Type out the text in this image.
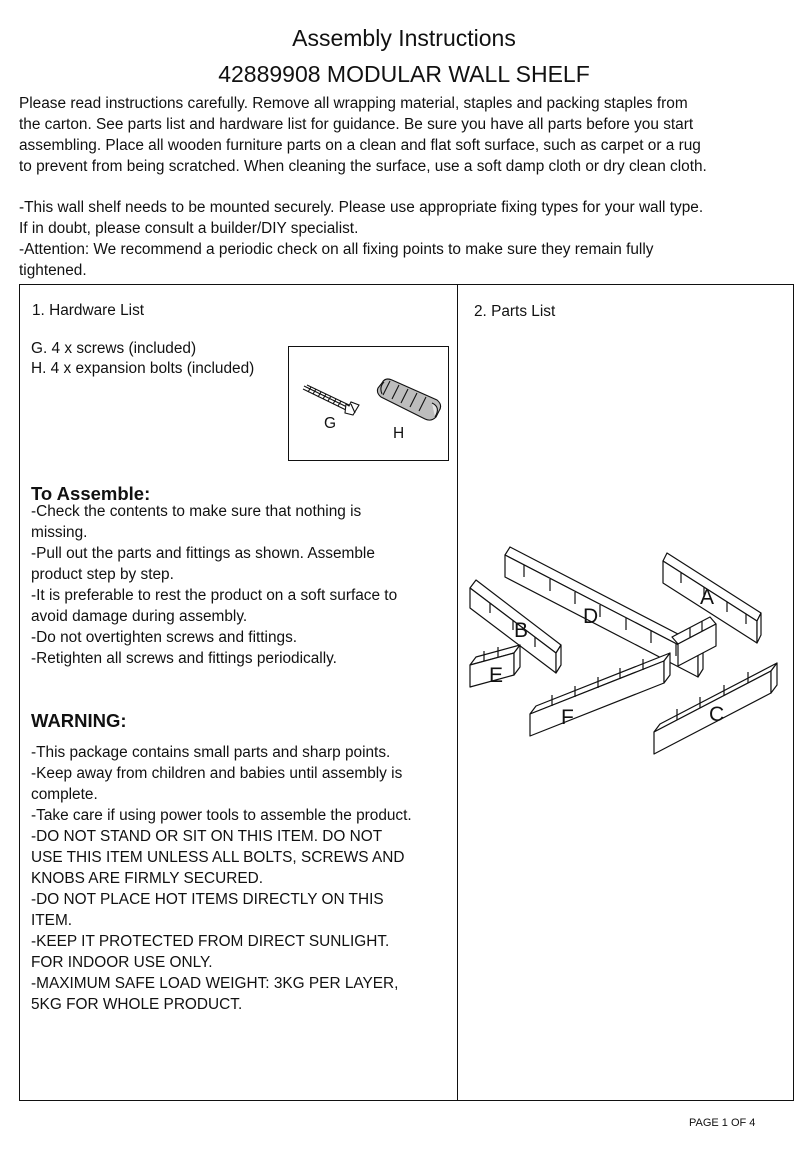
Assembly Instructions
42889908 MODULAR WALL SHELF

Please read instructions carefully. Remove all wrapping material, staples and packing staples from

the carton. See parts list and hardware list for guidance. Be sure you have all parts before you start

assembling. Place all wooden furniture parts on a clean and flat soft surface, such as carpet or a rug

to prevent from being scratched. When cleaning the surface, use a soft damp cloth or dry clean cloth.

-This wall shelf needs to be mounted securely. Please use appropriate fixing types for your wall type.

If in doubt, please consult a builder/DIY specialist.

-Attention: We recommend a periodic check on all fixing points to make sure they remain fully

tightened.

1. Hardware List	2. Parts List
G. 4 x screws (included)
H. 4 x expansion bolts (included)
G
H
To Assemble:
-Check the contents to make sure that nothing is
missing.
-Pull out the parts and fittings as shown. Assemble
product step by step.
-It is preferable to rest the product on a soft surface to
avoid damage during assembly.
-Do not overtighten screws and fittings.
-Retighten all screws and fittings periodically.
WARNING:
-This package contains small parts and sharp points.
-Keep away from children and babies until assembly is
complete.
-Take care if using power tools to assemble the product.
-DO NOT STAND OR SIT ON THIS ITEM. DO NOT
USE THIS ITEM UNLESS ALL BOLTS, SCREWS AND
KNOBS ARE FIRMLY SECURED.
-DO NOT PLACE HOT ITEMS DIRECTLY ON THIS
ITEM.
-KEEP IT PROTECTED FROM DIRECT SUNLIGHT.
FOR INDOOR USE ONLY.
-MAXIMUM SAFE LOAD WEIGHT: 3KG PER LAYER,
5KG FOR WHOLE PRODUCT.
A
B
C
D
E
F
PAGE 1 OF 4
